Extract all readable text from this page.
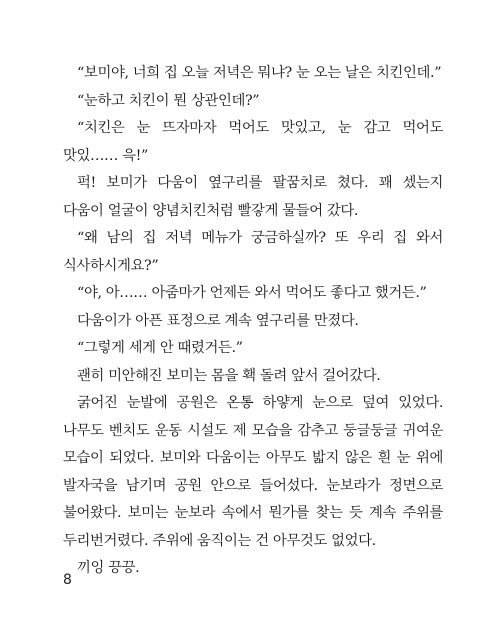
“보미야, 너희 집 오늘 저녁은 뭐냐? 눈 오는 날은 치킨인데.”

“눈하고 치킨이 뭔 상관인데?”

“치킨은 눈 뜨자마자 먹어도 맛있고, 눈 감고 먹어도 맛있…… 윽!”

퍽! 보미가 다움이 옆구리를 팔꿈치로 쳤다. 꽤 셌는지 다움이 얼굴이 양념치킨처럼 빨갛게 물들어 갔다.

“왜 남의 집 저녁 메뉴가 궁금하실까? 또 우리 집 와서 식사하시게요?”

“야, 아…… 아줌마가 언제든 와서 먹어도 좋다고 했거든.”

다움이가 아픈 표정으로 계속 옆구리를 만졌다.

“그렇게 세게 안 때렸거든.”

괜히 미안해진 보미는 몸을 홱 돌려 앞서 걸어갔다.

굵어진 눈발에 공원은 온통 하얗게 눈으로 덮여 있었다. 나무도 벤치도 운동 시설도 제 모습을 감추고 둥글둥글 귀여운 모습이 되었다. 보미와 다움이는 아무도 밟지 않은 흰 눈 위에 발자국을 남기며 공원 안으로 들어섰다. 눈보라가 정면으로 불어왔다. 보미는 눈보라 속에서 뭔가를 찾는 듯 계속 주위를 두리번거렸다. 주위에 움직이는 건 아무것도 없었다.

끼잉 끙끙.

8
